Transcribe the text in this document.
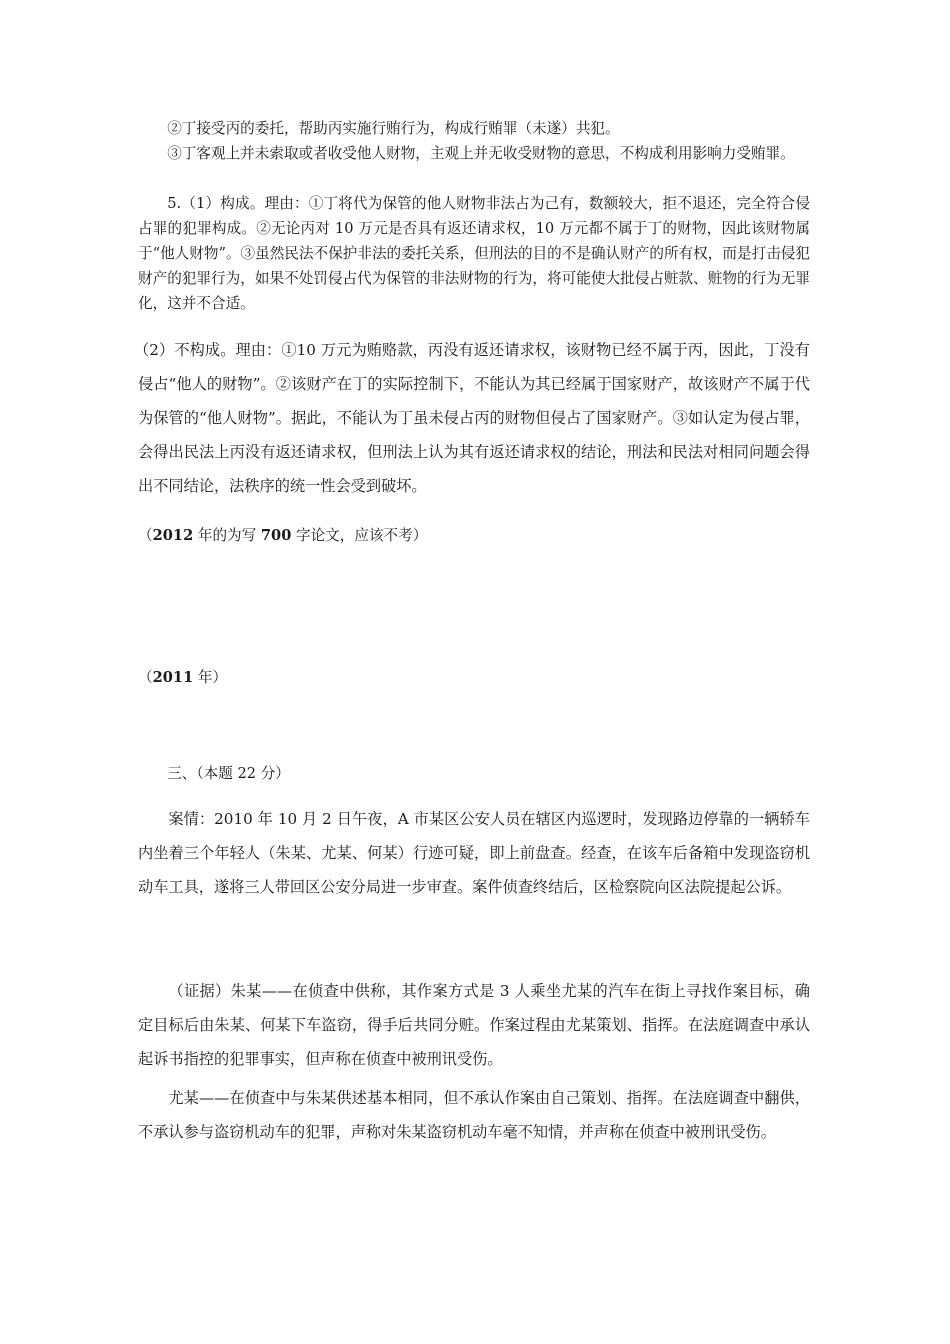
②丁接受丙的委托，帮助丙实施行贿行为，构成行贿罪（未遂）共犯。

③丁客观上并未索取或者收受他人财物，主观上并无收受财物的意思，不构成利用影响力受贿罪。

5.（1）构成。理由：①丁将代为保管的他人财物非法占为己有，数额较大，拒不退还，完全符合侵占罪的犯罪构成。②无论丙对 10 万元是否具有返还请求权，10 万元都不属于丁的财物，因此该财物属于“他人财物”。③虽然民法不保护非法的委托关系，但刑法的目的不是确认财产的所有权，而是打击侵犯财产的犯罪行为，如果不处罚侵占代为保管的非法财物的行为，将可能使大批侵占赃款、赃物的行为无罪化，这并不合适。

（2）不构成。理由：①10 万元为贿赂款，丙没有返还请求权，该财物已经不属于丙，因此，丁没有侵占“他人的财物”。②该财产在丁的实际控制下，不能认为其已经属于国家财产，故该财产不属于代为保管的“他人财物”。据此，不能认为丁虽未侵占丙的财物但侵占了国家财产。③如认定为侵占罪，会得出民法上丙没有返还请求权，但刑法上认为其有返还请求权的结论，刑法和民法对相同问题会得出不同结论，法秩序的统一性会受到破坏。

（2012 年的为写 700 字论文，应该不考）

（2011 年）

三、（本题 22 分）

案情：2010 年 10 月 2 日午夜，A 市某区公安人员在辖区内巡逻时，发现路边停靠的一辆轿车内坐着三个年轻人（朱某、尤某、何某）行迹可疑，即上前盘查。经查，在该车后备箱中发现盗窃机动车工具，遂将三人带回区公安分局进一步审查。案件侦查终结后，区检察院向区法院提起公诉。

（证据）朱某——在侦查中供称，其作案方式是 3 人乘坐尤某的汽车在街上寻找作案目标，确定目标后由朱某、何某下车盗窃，得手后共同分赃。作案过程由尤某策划、指挥。在法庭调查中承认起诉书指控的犯罪事实，但声称在侦查中被刑讯受伤。

尤某——在侦查中与朱某供述基本相同，但不承认作案由自己策划、指挥。在法庭调查中翻供，不承认参与盗窃机动车的犯罪，声称对朱某盗窃机动车毫不知情，并声称在侦查中被刑讯受伤。
